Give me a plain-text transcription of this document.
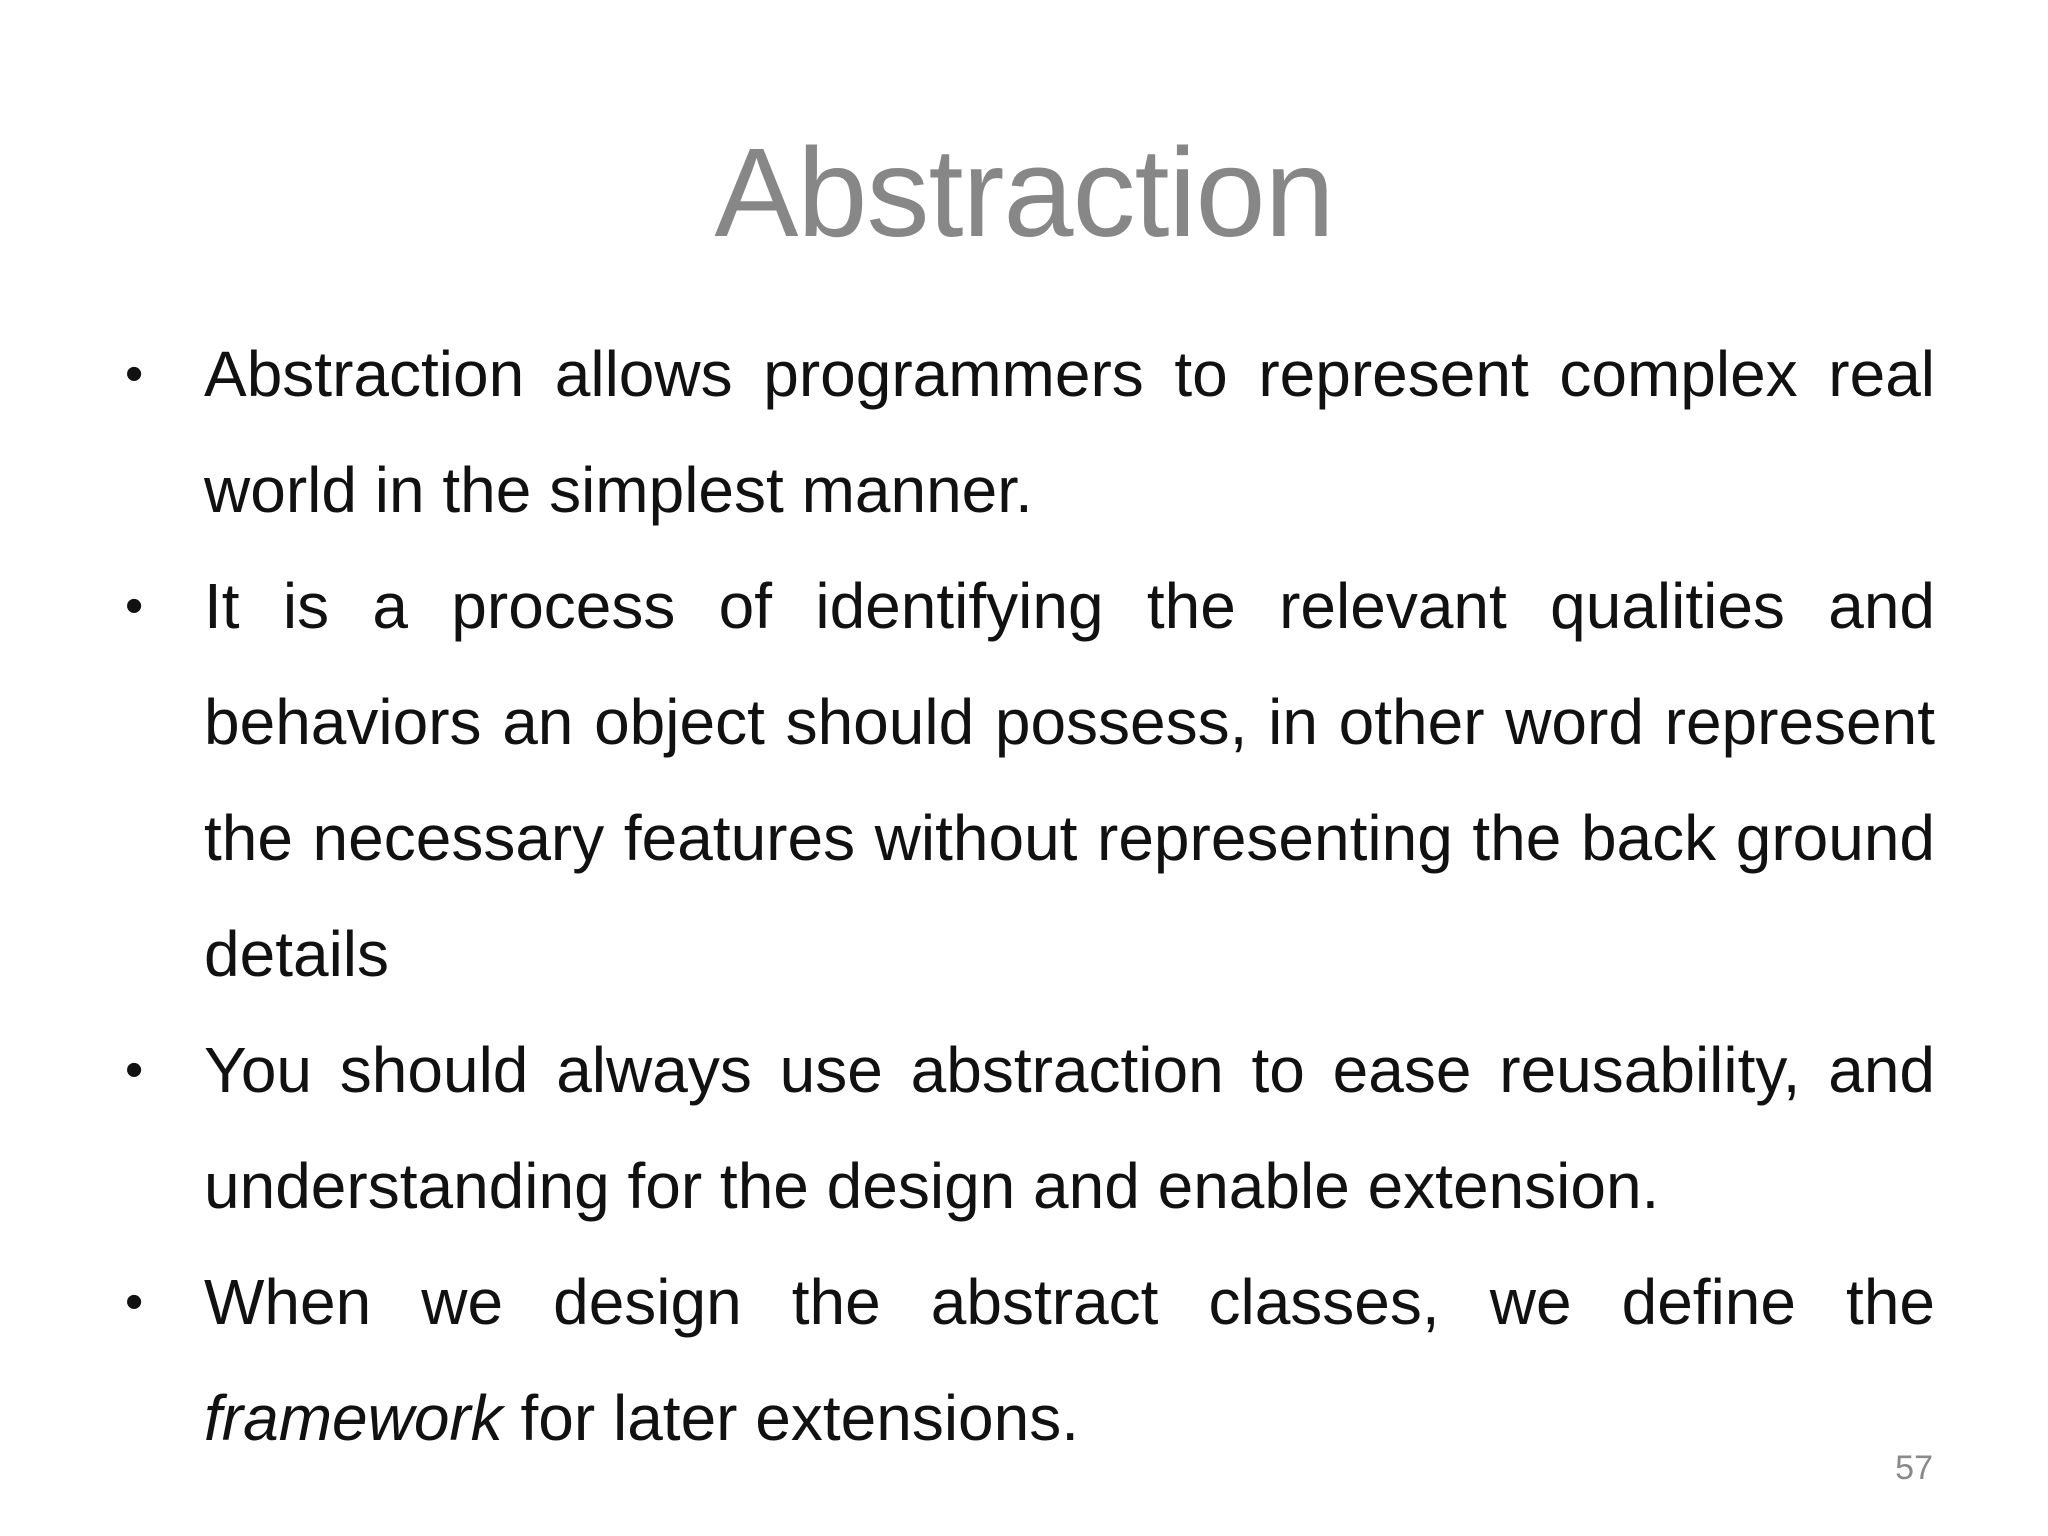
Abstraction
• Abstraction allows programmers to represent complex real world in the simplest manner.
• It is a process of identifying the relevant qualities and behaviors an object should possess, in other word represent the necessary features without representing the back ground details
• You should always use abstraction to ease reusability, and understanding for the design and enable extension.
• When we design the abstract classes, we define the framework for later extensions.
57
